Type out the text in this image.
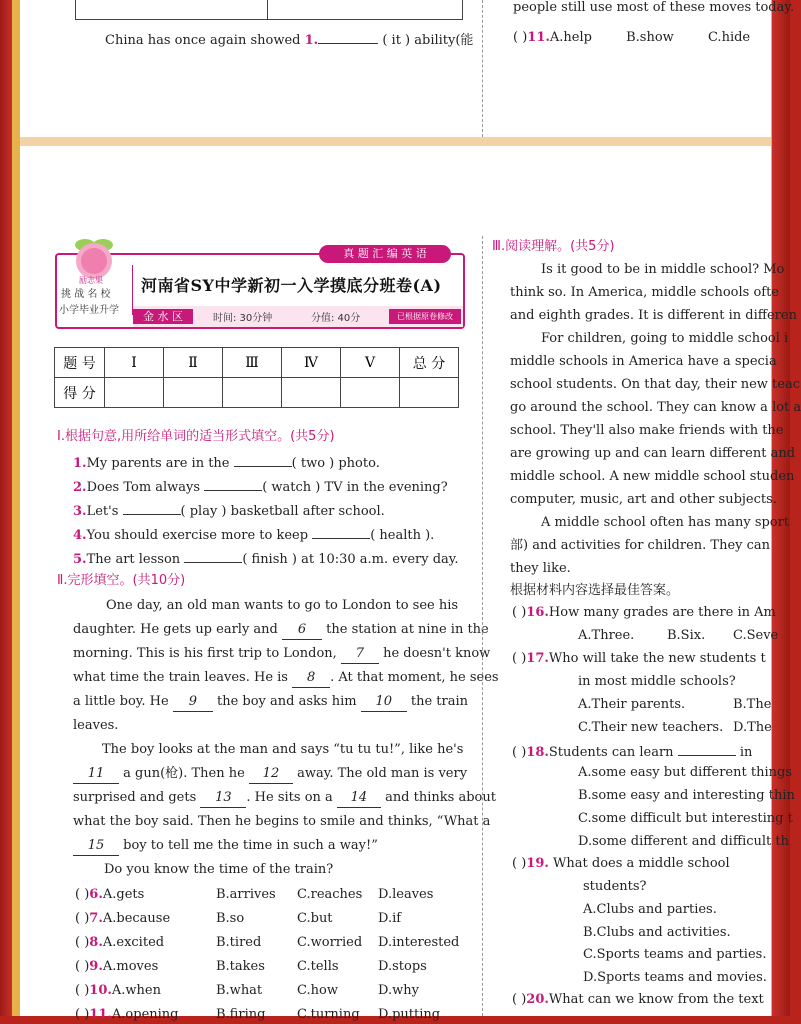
China has once again showed 1.	( it ) ability(能
people still use most of these moves today.
( )11.A.help	B.show	C.hide
励志果
真 题 汇 编 英 语
挑 战 名 校
小学毕业升学
河南省SY中学新初一入学摸底分班卷(A)
金 水 区	时间: 30分钟	分值: 40分	已根据原卷修改
题 号	Ⅰ	Ⅱ	Ⅲ	Ⅳ	Ⅴ	总 分
得 分						
Ⅰ.根据句意,用所给单词的适当形式填空。(共5分)
1.My parents are in the	( two ) photo.
2.Does Tom always	( watch ) TV in the evening?
3.Let's	( play ) basketball after school.
4.You should exercise more to keep	( health ).
5.The art lesson	( finish ) at 10:30 a.m. every day.
Ⅱ.完形填空。(共10分)
One day, an old man wants to go to London to see his
daughter. He gets up early and 6 the station at nine in the
morning. This is his first trip to London, 7 he doesn't know
what time the train leaves. He is 8 . At that moment, he sees
a little boy. He 9 the boy and asks him 10 the train
leaves.
The boy looks at the man and says “tu tu tu!”, like he's
11 a gun(枪). Then he 12 away. The old man is very
surprised and gets 13 . He sits on a 14 and thinks about
what the boy said. Then he begins to smile and thinks, “What a
15 boy to tell me the time in such a way!”
Do you know the time of the train?
( )6.A.gets	B.arrives C.reaches D.leaves
( )7.A.because	B.so	C.but	D.if
( )8.A.excited	B.tired	C.worried D.interested
( )9.A.moves	B.takes C.tells	D.stops
( )10.A.when	B.what	C.how	D.why
( )11.A.opening	B.firing C.turning D.putting
Ⅲ.阅读理解。(共5分)
Is it good to be in middle school? Mo
think so. In America, middle schools ofte
and eighth grades. It is different in differen
For children, going to middle school i
middle schools in America have a specia
school students. On that day, their new teac
go around the school. They can know a lot a
school. They'll also make friends with the
are growing up and can learn different and
middle school. A new middle school studen
computer, music, art and other subjects.
A middle school often has many sport
部) and activities for children. They can
they like.
根据材料内容选择最佳答案。
( )16.How many grades are there in Am
A.Three.	B.Six. C.Seve
( )17.Who will take the new students t
in most middle schools?
A.Their parents.	B.The
C.Their new teachers. D.The
( )18.Students can learn	in
A.some easy but different things
B.some easy and interesting thin
C.some difficult but interesting t
D.some different and difficult th
( )19. What does a middle school
students?
A.Clubs and parties.
B.Clubs and activities.
C.Sports teams and parties.
D.Sports teams and movies.
( )20.What can we know from the text
